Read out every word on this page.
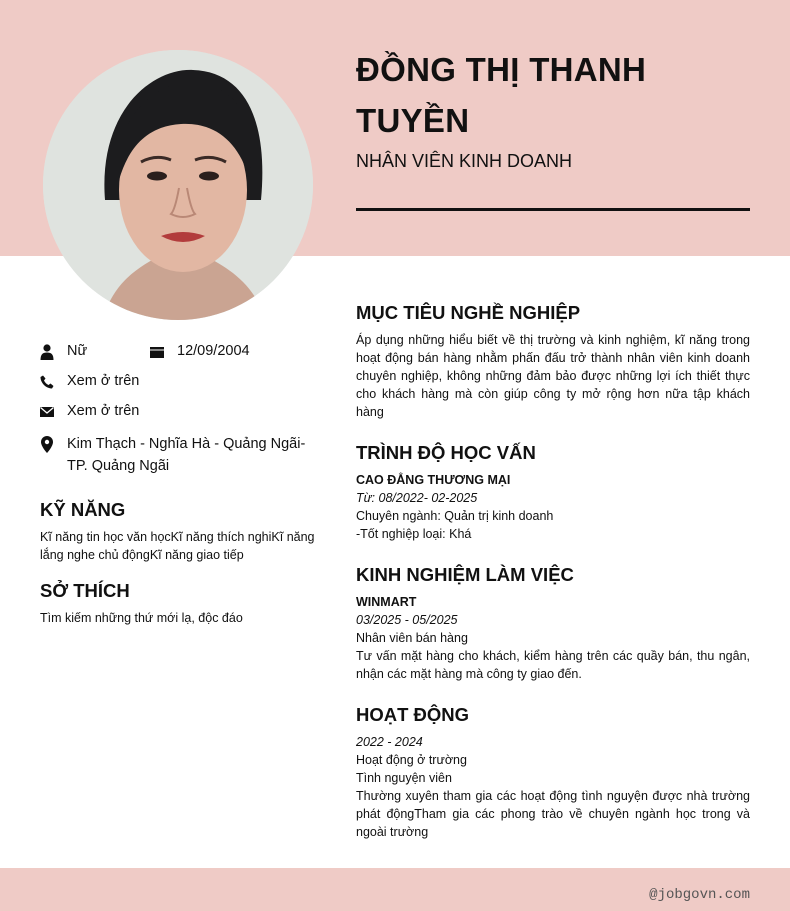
ĐỒNG THỊ THANH TUYỀN
NHÂN VIÊN KINH DOANH
Nữ	12/09/2004
Xem ở trên
Xem ở trên
Kim Thạch - Nghĩa Hà - Quảng Ngãi- TP. Quảng Ngãi
KỸ NĂNG

Kĩ năng tin học văn họcKĩ năng thích nghiKĩ năng lắng nghe chủ độngKĩ năng giao tiếp

SỞ THÍCH

Tìm kiếm những thứ mới lạ, độc đáo

MỤC TIÊU NGHỀ NGHIỆP

Áp dụng những hiểu biết về thị trường và kinh nghiệm, kĩ năng trong hoạt động bán hàng nhằm phấn đấu trở thành nhân viên kinh doanh chuyên nghiệp, không những đảm bảo được những lợi ích thiết thực cho khách hàng mà còn giúp công ty mở rộng hơn nữa tập khách hàng

TRÌNH ĐỘ HỌC VẤN
CAO ĐẲNG THƯƠNG MẠI
Từ: 08/2022- 02-2025
Chuyên ngành: Quản trị kinh doanh
-Tốt nghiệp loại: Khá
KINH NGHIỆM LÀM VIỆC
WINMART
03/2025 - 05/2025
Nhân viên bán hàng
Tư vấn mặt hàng cho khách, kiểm hàng trên các quầy bán, thu ngân, nhận các mặt hàng mà công ty giao đến.
HOẠT ĐỘNG
2022 - 2024
Hoạt động ở trường
Tình nguyện viên
Thường xuyên tham gia các hoạt động tình nguyện được nhà trường phát độngTham gia các phong trào về chuyên ngành học trong và ngoài trường
@jobgovn.com
